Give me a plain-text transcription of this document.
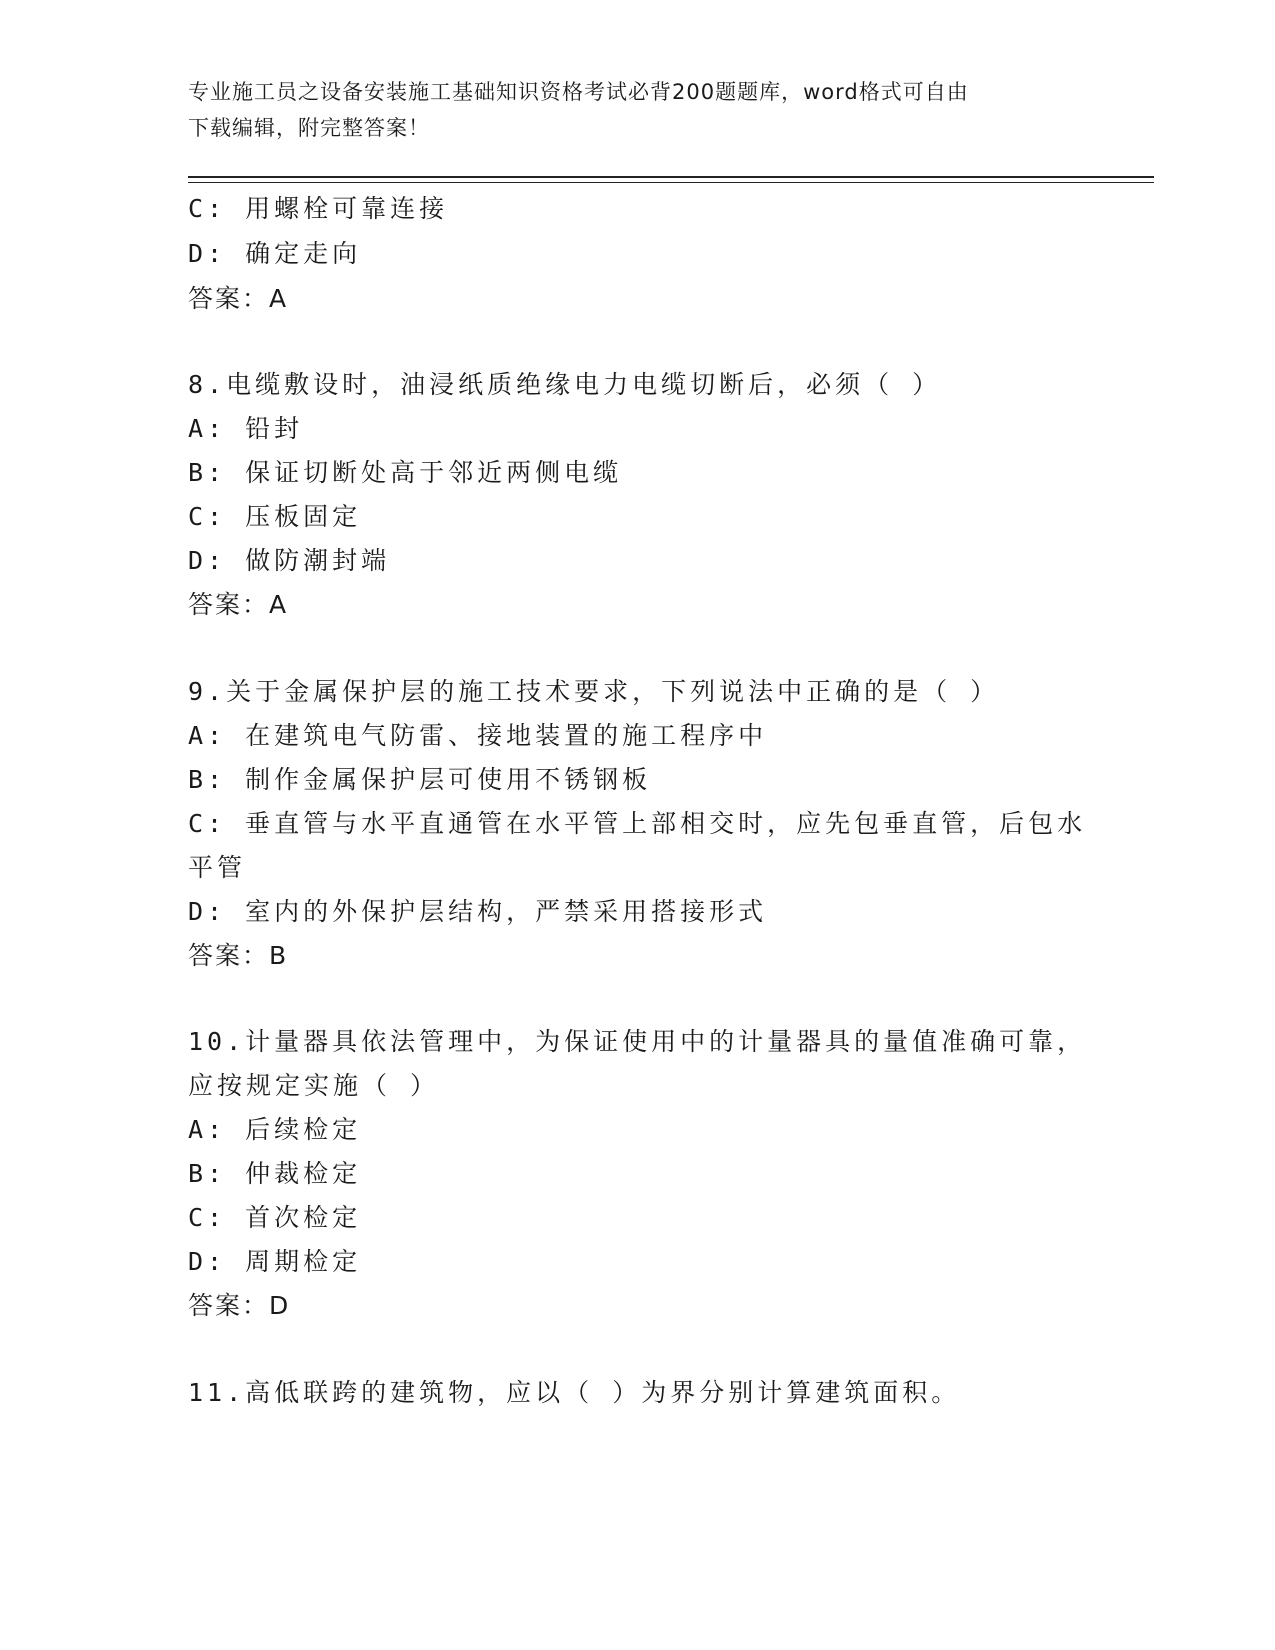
专业施工员之设备安装施工基础知识资格考试必背200题题库，word格式可自由
下载编辑，附完整答案！
C: 用螺栓可靠连接
D: 确定走向
答案：A
8.电缆敷设时，油浸纸质绝缘电力电缆切断后，必须（ ）
A: 铅封
B: 保证切断处高于邻近两侧电缆
C: 压板固定
D: 做防潮封端
答案：A
9.关于金属保护层的施工技术要求，下列说法中正确的是（ ）
A: 在建筑电气防雷、接地装置的施工程序中
B: 制作金属保护层可使用不锈钢板
C: 垂直管与水平直通管在水平管上部相交时，应先包垂直管，后包水
平管
D: 室内的外保护层结构，严禁采用搭接形式
答案：B
10.计量器具依法管理中，为保证使用中的计量器具的量值准确可靠，
应按规定实施（ ）
A: 后续检定
B: 仲裁检定
C: 首次检定
D: 周期检定
答案：D
11.高低联跨的建筑物，应以（ ）为界分别计算建筑面积。
